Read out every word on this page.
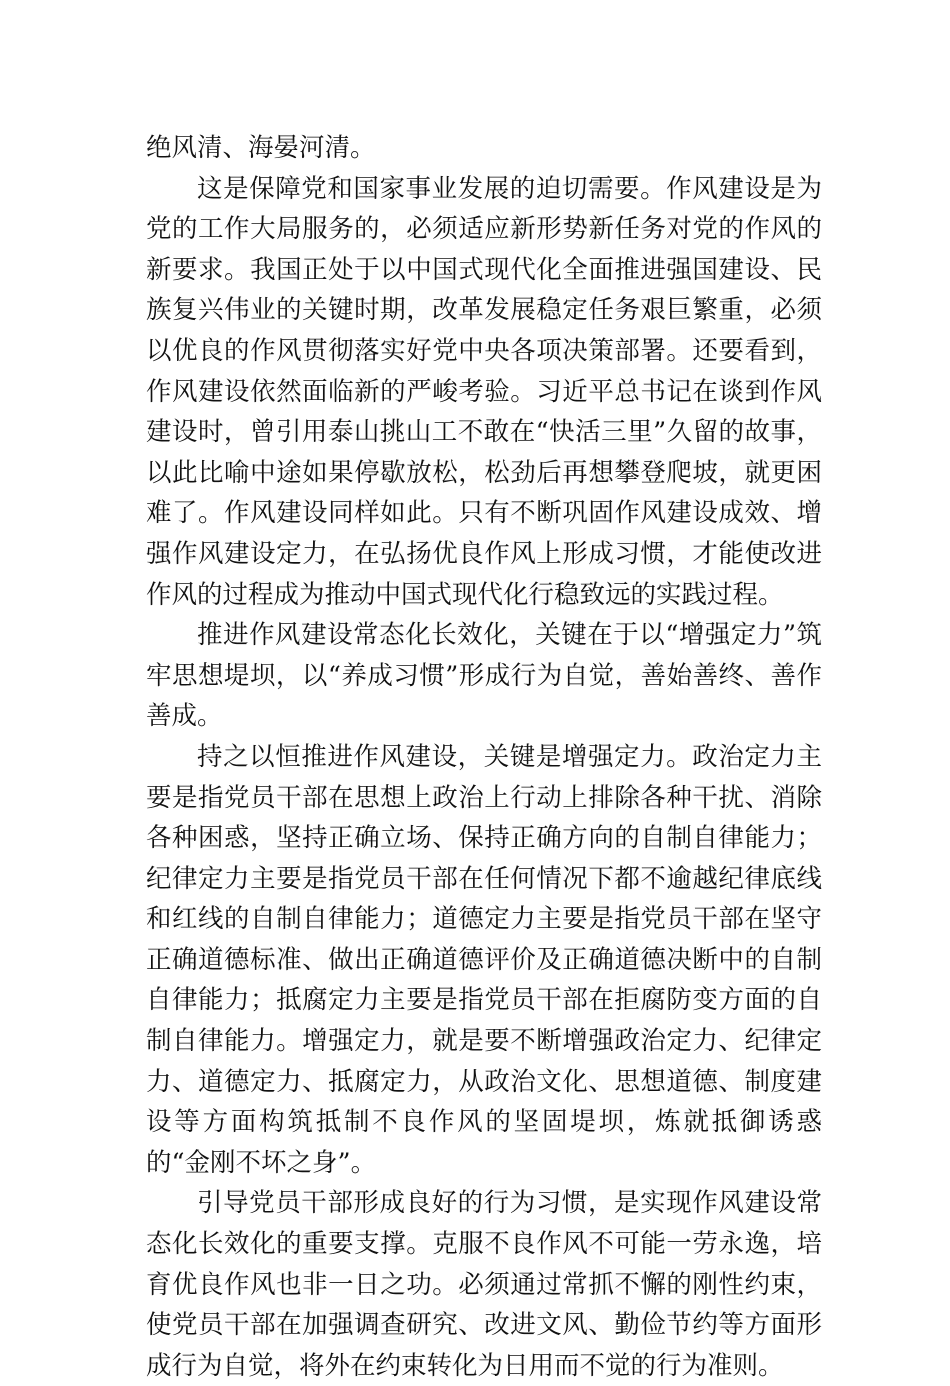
绝风清、海晏河清。

这是保障党和国家事业发展的迫切需要。作风建设是为党的工作大局服务的，必须适应新形势新任务对党的作风的新要求。我国正处于以中国式现代化全面推进强国建设、民族复兴伟业的关键时期，改革发展稳定任务艰巨繁重，必须以优良的作风贯彻落实好党中央各项决策部署。还要看到，作风建设依然面临新的严峻考验。习近平总书记在谈到作风建设时，曾引用泰山挑山工不敢在“快活三里”久留的故事，以此比喻中途如果停歇放松，松劲后再想攀登爬坡，就更困难了。作风建设同样如此。只有不断巩固作风建设成效、增强作风建设定力，在弘扬优良作风上形成习惯，才能使改进作风的过程成为推动中国式现代化行稳致远的实践过程。

推进作风建设常态化长效化，关键在于以“增强定力”筑牢思想堤坝，以“养成习惯”形成行为自觉，善始善终、善作善成。

持之以恒推进作风建设，关键是增强定力。政治定力主要是指党员干部在思想上政治上行动上排除各种干扰、消除各种困惑，坚持正确立场、保持正确方向的自制自律能力；纪律定力主要是指党员干部在任何情况下都不逾越纪律底线和红线的自制自律能力；道德定力主要是指党员干部在坚守正确道德标准、做出正确道德评价及正确道德决断中的自制自律能力；抵腐定力主要是指党员干部在拒腐防变方面的自制自律能力。增强定力，就是要不断增强政治定力、纪律定力、道德定力、抵腐定力，从政治文化、思想道德、制度建设等方面构筑抵制不良作风的坚固堤坝，炼就抵御诱惑的“金刚不坏之身”。

引导党员干部形成良好的行为习惯，是实现作风建设常态化长效化的重要支撑。克服不良作风不可能一劳永逸，培育优良作风也非一日之功。必须通过常抓不懈的刚性约束，使党员干部在加强调查研究、改进文风、勤俭节约等方面形成行为自觉，将外在约束转化为日用而不觉的行为准则。
